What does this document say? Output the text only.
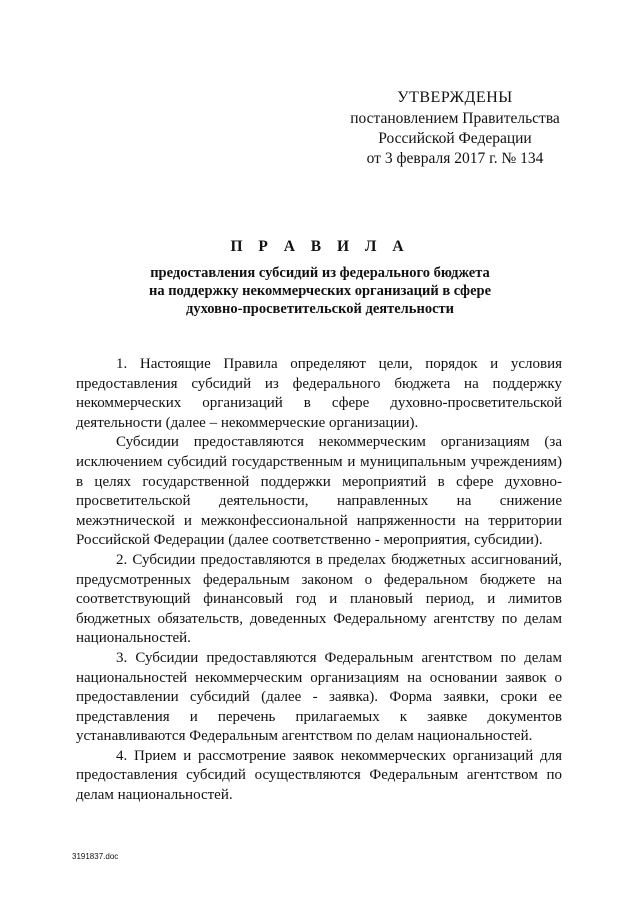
УТВЕРЖДЕНЫ
постановлением Правительства
Российской Федерации
от 3 февраля 2017 г. № 134
П Р А В И Л А
предоставления субсидий из федерального бюджета
на поддержку некоммерческих организаций в сфере
духовно-просветительской деятельности

1. Настоящие Правила определяют цели, порядок и условия предоставления субсидий из федерального бюджета на поддержку некоммерческих организаций в сфере духовно-просветительской деятельности (далее – некоммерческие организации).

Субсидии предоставляются некоммерческим организациям (за исключением субсидий государственным и муниципальным учреждениям) в целях государственной поддержки мероприятий в сфере духовно-просветительской деятельности, направленных на снижение межэтнической и межконфессиональной напряженности на территории Российской Федерации (далее соответственно - мероприятия, субсидии).

2. Субсидии предоставляются в пределах бюджетных ассигнований, предусмотренных федеральным законом о федеральном бюджете на соответствующий финансовый год и плановый период, и лимитов бюджетных обязательств, доведенных Федеральному агентству по делам национальностей.

3. Субсидии предоставляются Федеральным агентством по делам национальностей некоммерческим организациям на основании заявок о предоставлении субсидий (далее - заявка). Форма заявки, сроки ее представления и перечень прилагаемых к заявке документов устанавливаются Федеральным агентством по делам национальностей.

4. Прием и рассмотрение заявок некоммерческих организаций для предоставления субсидий осуществляются Федеральным агентством по делам национальностей.

3191837.doc
